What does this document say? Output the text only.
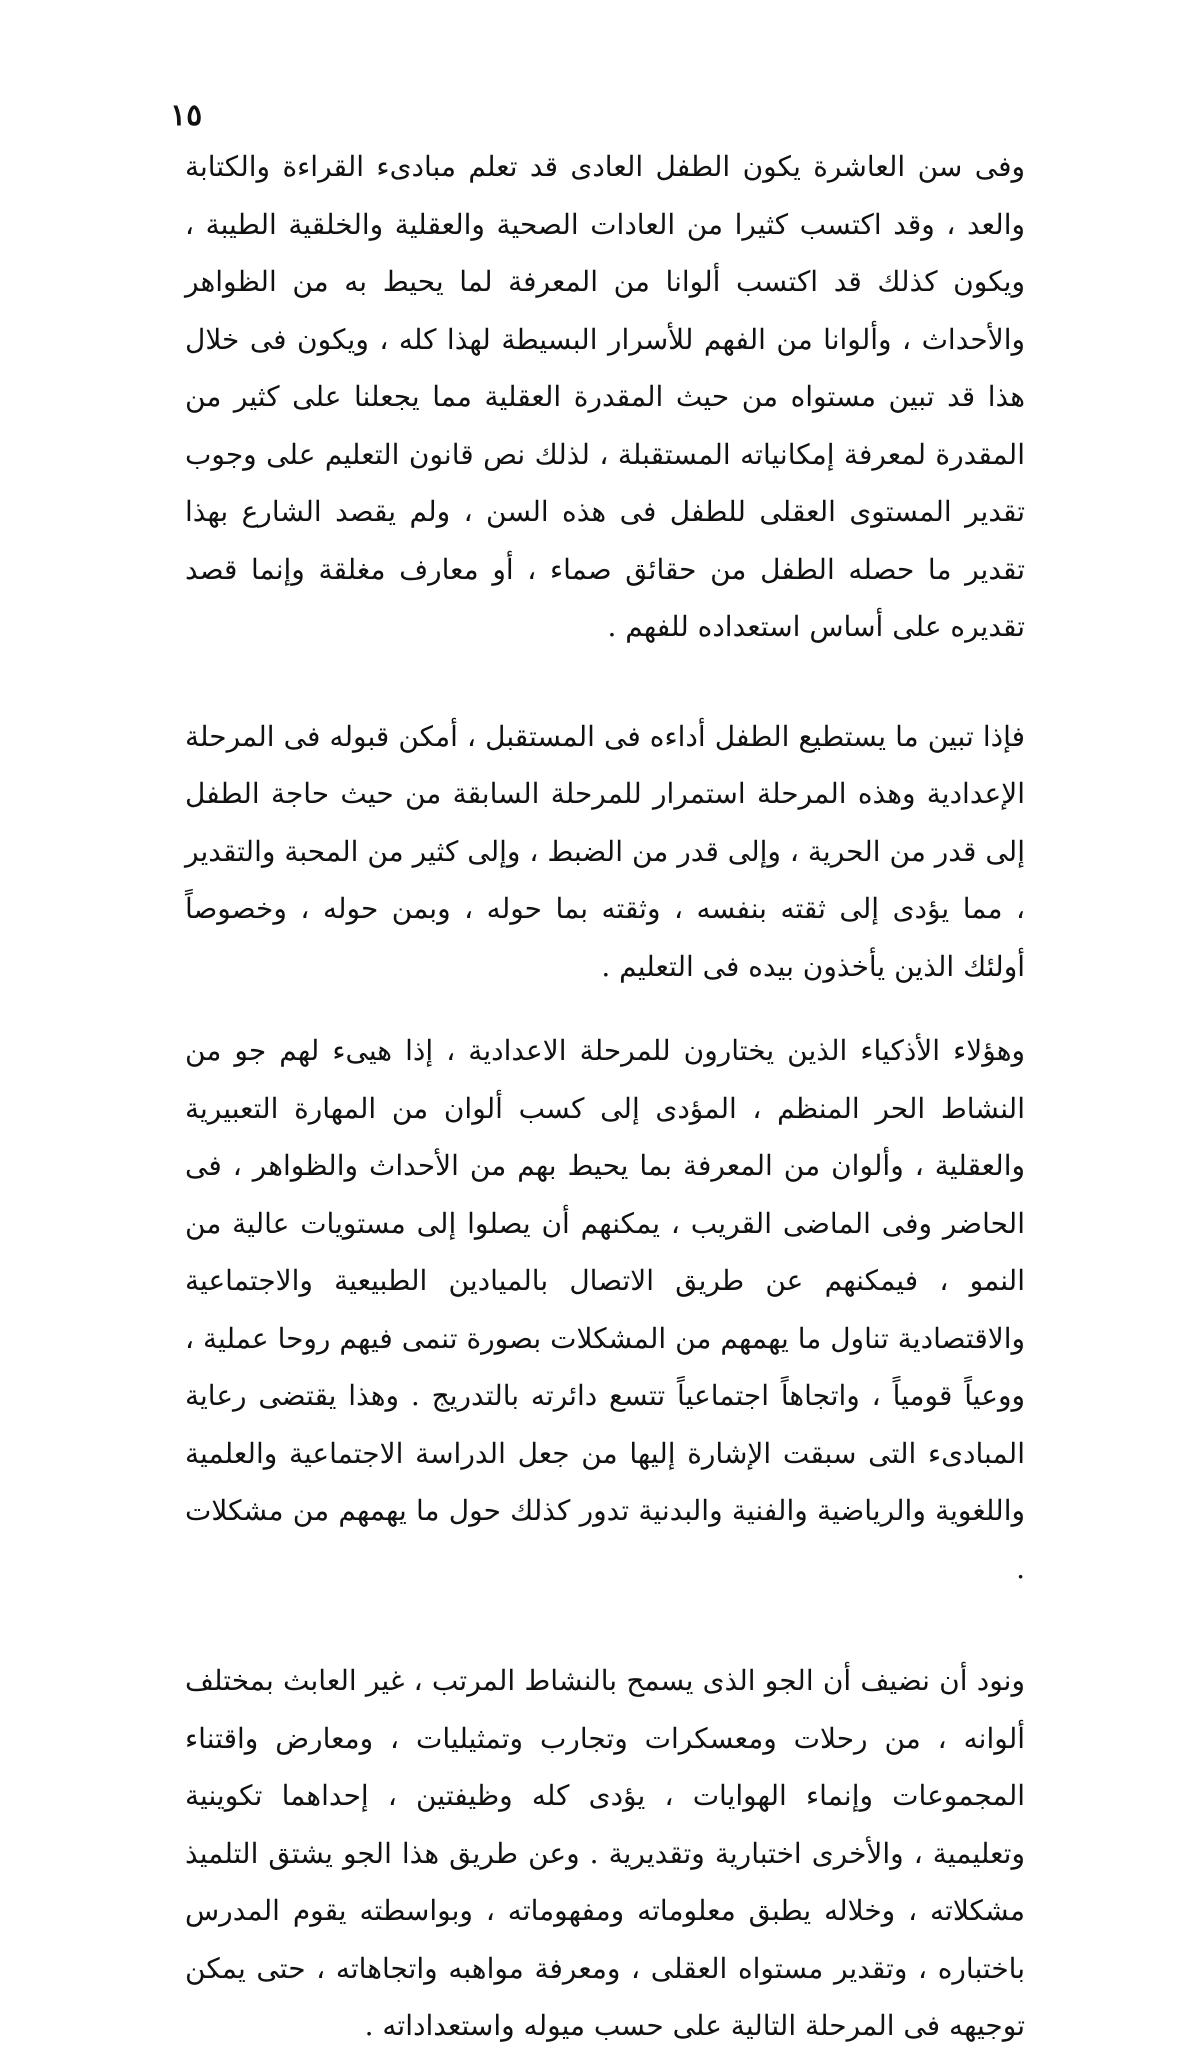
١٥

وفى سن العاشرة يكون الطفل العادى قد تعلم مبادىء القراءة والكتابة والعد ، وقد اكتسب كثيرا من العادات الصحية والعقلية والخلقية الطيبة ، ويكون كذلك قد اكتسب ألوانا من المعرفة لما يحيط به من الظواهر والأحداث ، وألوانا من الفهم للأسرار البسيطة لهذا كله ، ويكون فى خلال هذا قد تبين مستواه من حيث المقدرة العقلية مما يجعلنا على كثير من المقدرة لمعرفة إمكانياته المستقبلة ، لذلك نص قانون التعليم على وجوب تقدير المستوى العقلى للطفل فى هذه السن ، ولم يقصد الشارع بهذا تقدير ما حصله الطفل من حقائق صماء ، أو معارف مغلقة وإنما قصد تقديره على أساس استعداده للفهم .

فإذا تبين ما يستطيع الطفل أداءه فى المستقبل ، أمكن قبوله فى المرحلة الإعدادية وهذه المرحلة استمرار للمرحلة السابقة من حيث حاجة الطفل إلى قدر من الحرية ، وإلى قدر من الضبط ، وإلى كثير من المحبة والتقدير ، مما يؤدى إلى ثقته بنفسه ، وثقته بما حوله ، وبمن حوله ، وخصوصاً أولئك الذين يأخذون بيده فى التعليم .

وهؤلاء الأذكياء الذين يختارون للمرحلة الاعدادية ، إذا هيىء لهم جو من النشاط الحر المنظم ، المؤدى إلى كسب ألوان من المهارة التعبيرية والعقلية ، وألوان من المعرفة بما يحيط بهم من الأحداث والظواهر ، فى الحاضر وفى الماضى القريب ، يمكنهم أن يصلوا إلى مستويات عالية من النمو ، فيمكنهم عن طريق الاتصال بالميادين الطبيعية والاجتماعية والاقتصادية تناول ما يهمهم من المشكلات بصورة تنمى فيهم روحا عملية ، ووعياً قومياً ، واتجاهاً اجتماعياً تتسع دائرته بالتدريج . وهذا يقتضى رعاية المبادىء التى سبقت الإشارة إليها من جعل الدراسة الاجتماعية والعلمية واللغوية والرياضية والفنية والبدنية تدور كذلك حول ما يهمهم من مشكلات .

ونود أن نضيف أن الجو الذى يسمح بالنشاط المرتب ، غير العابث بمختلف ألوانه ، من رحلات ومعسكرات وتجارب وتمثيليات ، ومعارض واقتناء المجموعات وإنماء الهوايات ، يؤدى كله وظيفتين ، إحداهما تكوينية وتعليمية ، والأخرى اختبارية وتقديرية . وعن طريق هذا الجو يشتق التلميذ مشكلاته ، وخلاله يطبق معلوماته ومفهوماته ، وبواسطته يقوم المدرس باختباره ، وتقدير مستواه العقلى ، ومعرفة مواهبه واتجاهاته ، حتى يمكن توجيهه فى المرحلة التالية على حسب ميوله واستعداداته .
